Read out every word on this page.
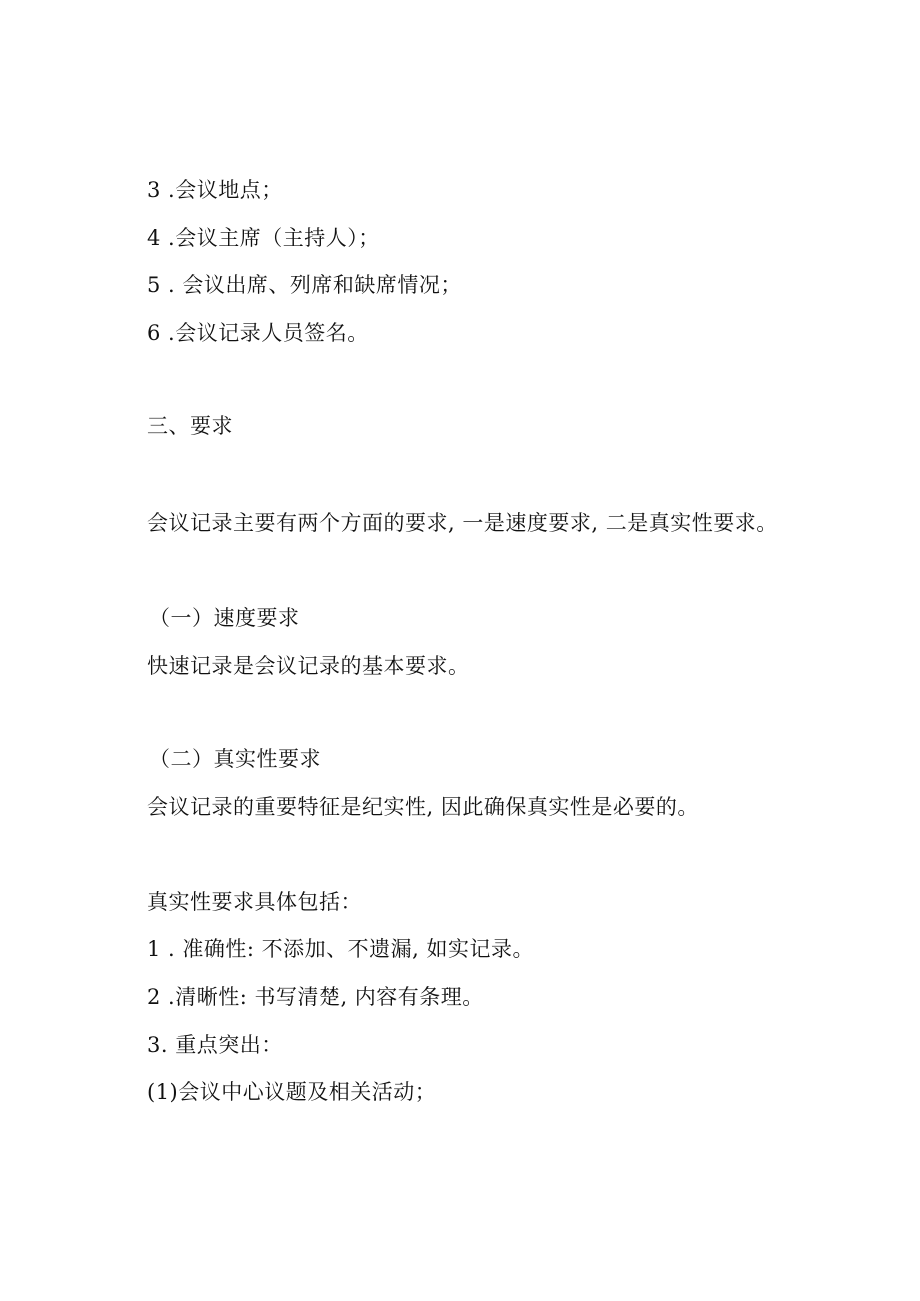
3 .会议地点；
4 .会议主席（主持人）；
5 . 会议出席、列席和缺席情况；
6 .会议记录人员签名。
三、要求
会议记录主要有两个方面的要求, 一是速度要求, 二是真实性要求。
（一）速度要求
快速记录是会议记录的基本要求。
（二）真实性要求
会议记录的重要特征是纪实性, 因此确保真实性是必要的。
真实性要求具体包括：
1 . 准确性: 不添加、不遗漏, 如实记录。
2 .清晰性: 书写清楚, 内容有条理。
3. 重点突出：
(1)会议中心议题及相关活动；
